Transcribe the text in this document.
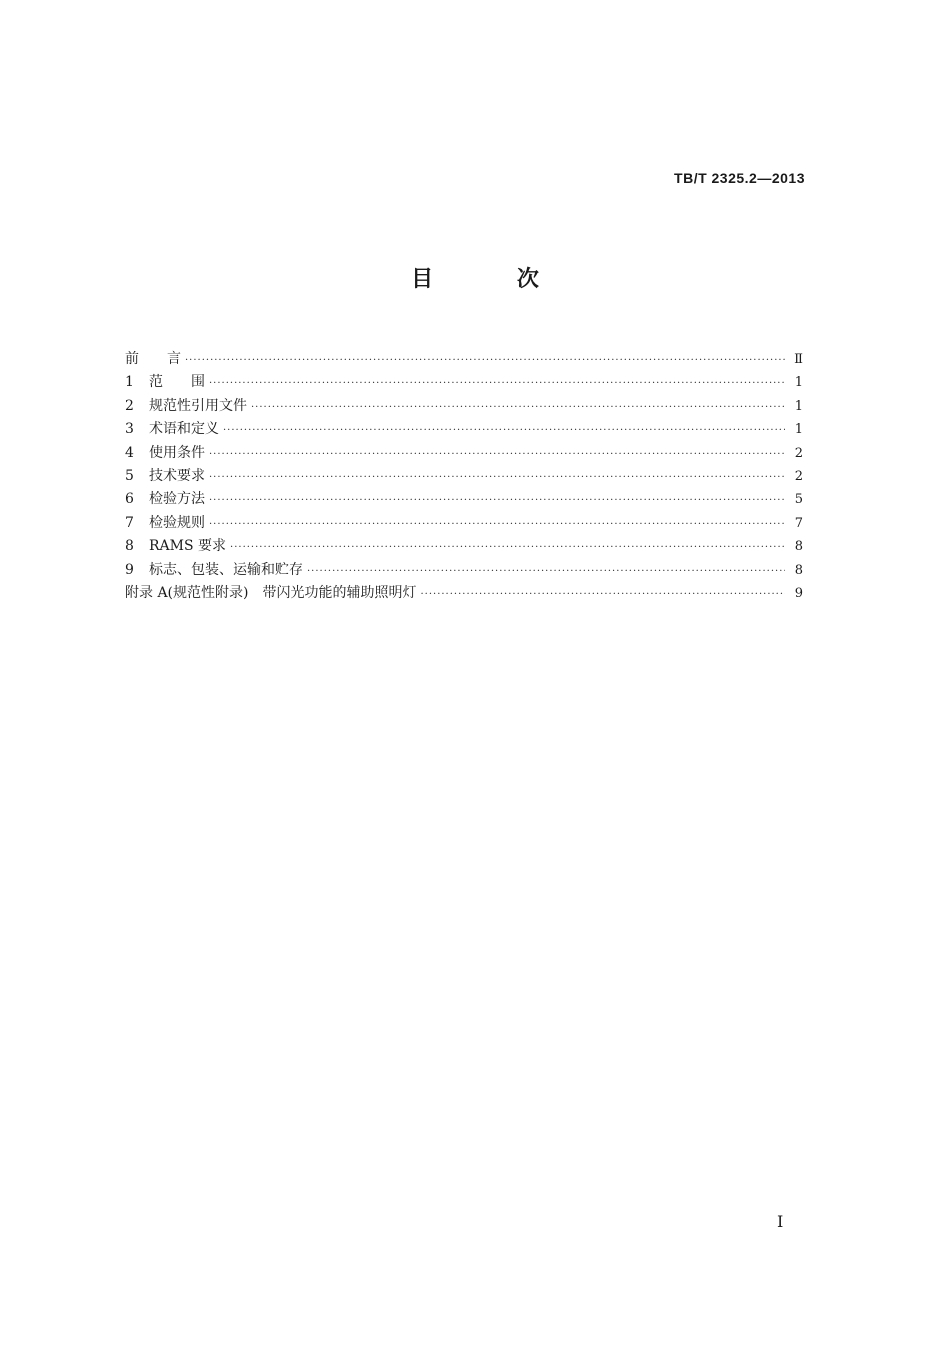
TB/T 2325.2—2013
目 次
前　　言 ·····	Ⅱ
1	范　　围 ·····	1
2	规范性引用文件 ·····	1
3	术语和定义 ·····	1
4	使用条件 ·····	2
5	技术要求 ·····	2
6	检验方法 ·····	5
7	检验规则 ·····	7
8	RAMS 要求 ·····	8
9	标志、包装、运输和贮存 ·····	8
附录 A(规范性附录)　带闪光功能的辅助照明灯 ·····	9
I
